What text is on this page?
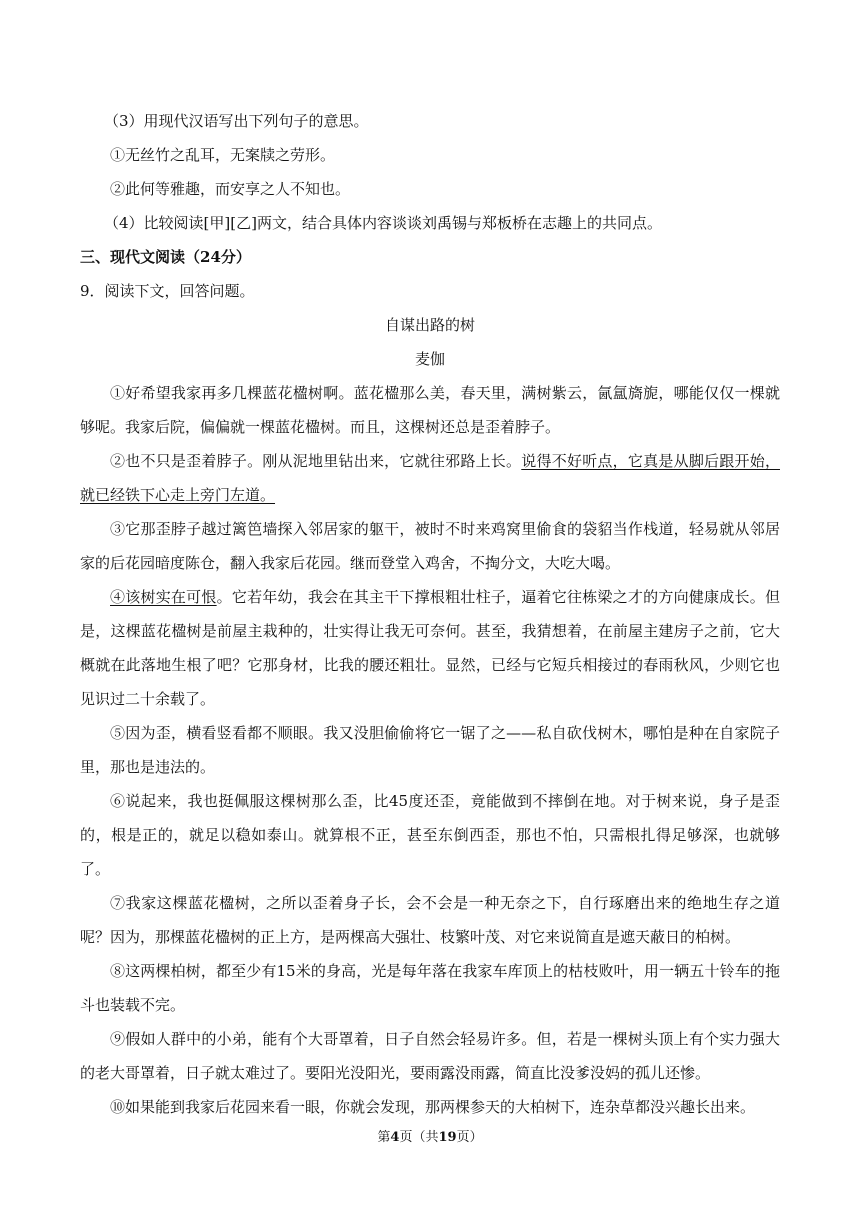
（3）用现代汉语写出下列句子的意思。

①无丝竹之乱耳，无案牍之劳形。

②此何等雅趣，而安享之人不知也。

（4）比较阅读[甲][乙]两文，结合具体内容谈谈刘禹锡与郑板桥在志趣上的共同点。

三、现代文阅读（24分）

9．阅读下文，回答问题。

自谋出路的树

麦伽

①好希望我家再多几棵蓝花楹树啊。蓝花楹那么美，春天里，满树紫云，氤氲旖旎，哪能仅仅一棵就够呢。我家后院，偏偏就一棵蓝花楹树。而且，这棵树还总是歪着脖子。

②也不只是歪着脖子。刚从泥地里钻出来，它就往邪路上长。说得不好听点，它真是从脚后跟开始，就已经铁下心走上旁门左道。

③它那歪脖子越过篱笆墙探入邻居家的躯干，被时不时来鸡窝里偷食的袋貂当作栈道，轻易就从邻居家的后花园暗度陈仓，翻入我家后花园。继而登堂入鸡舍，不掏分文，大吃大喝。

④该树实在可恨。它若年幼，我会在其主干下撑根粗壮柱子，逼着它往栋梁之才的方向健康成长。但是，这棵蓝花楹树是前屋主栽种的，壮实得让我无可奈何。甚至，我猜想着，在前屋主建房子之前，它大概就在此落地生根了吧？它那身材，比我的腰还粗壮。显然，已经与它短兵相接过的春雨秋风，少则它也见识过二十余载了。

⑤因为歪，横看竖看都不顺眼。我又没胆偷偷将它一锯了之——私自砍伐树木，哪怕是种在自家院子里，那也是违法的。

⑥说起来，我也挺佩服这棵树那么歪，比45度还歪，竟能做到不摔倒在地。对于树来说，身子是歪的，根是正的，就足以稳如泰山。就算根不正，甚至东倒西歪，那也不怕，只需根扎得足够深，也就够了。

⑦我家这棵蓝花楹树，之所以歪着身子长，会不会是一种无奈之下，自行琢磨出来的绝地生存之道呢？因为，那棵蓝花楹树的正上方，是两棵高大强壮、枝繁叶茂、对它来说简直是遮天蔽日的柏树。

⑧这两棵柏树，都至少有15米的身高，光是每年落在我家车库顶上的枯枝败叶，用一辆五十铃车的拖斗也装载不完。

⑨假如人群中的小弟，能有个大哥罩着，日子自然会轻易许多。但，若是一棵树头顶上有个实力强大的老大哥罩着，日子就太难过了。要阳光没阳光，要雨露没雨露，简直比没爹没妈的孤儿还惨。

⑩如果能到我家后花园来看一眼，你就会发现，那两棵参天的大柏树下，连杂草都没兴趣长出来。

第4页（共19页）
